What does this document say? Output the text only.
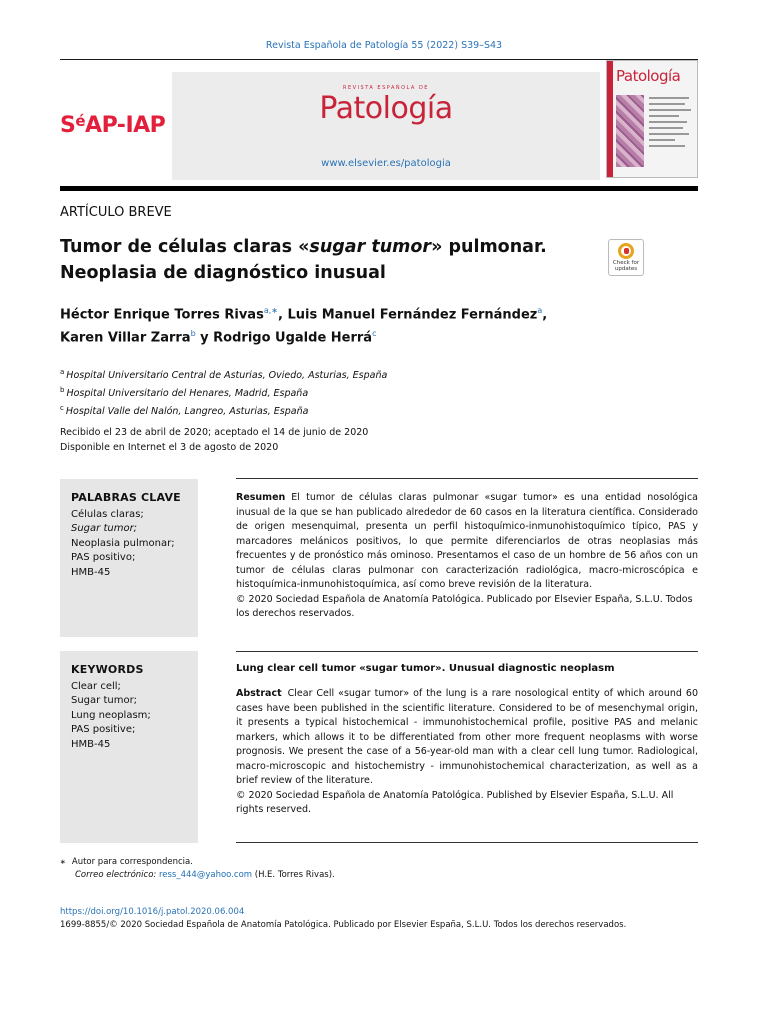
Revista Española de Patología 55 (2022) S39–S43
$S^éAP$-IAP
REVISTA ESPAÑOLA DE
Patología
www.elsevier.es/patologia
Patología
ARTÍCULO BREVE
Tumor de células claras «sugar tumor» pulmonar. Neoplasia de diagnóstico inusual	Check for updates
Héctor Enrique Torres Rivas$^{a,∗}$, Luis Manuel Fernández Fernández$^a$,
Karen Villar Zarra$^b$ y Rodrigo Ugalde Herrá$^c$
$^a$ Hospital Universitario Central de Asturias, Oviedo, Asturias, España
$^b$ Hospital Universitario del Henares, Madrid, España
$^c$ Hospital Valle del Nalón, Langreo, Asturias, España
Recibido el 23 de abril de 2020; aceptado el 14 de junio de 2020
Disponible en Internet el 3 de agosto de 2020
PALABRAS CLAVE
Células claras;
Sugar tumor;
Neoplasia pulmonar;
PAS positivo;
HMB-45
Resumen El tumor de células claras pulmonar «sugar tumor» es una entidad nosológica inusual de la que se han publicado alrededor de 60 casos en la literatura científica. Considerado de origen mesenquimal, presenta un perfil histoquímico-inmunohistoquímico típico, PAS y marcadores melánicos positivos, lo que permite diferenciarlos de otras neoplasias más frecuentes y de pronóstico más ominoso. Presentamos el caso de un hombre de 56 años con un tumor de células claras pulmonar con caracterización radiológica, macro-microscópica e histoquímica-inmunohistoquímica, así como breve revisión de la literatura.
© 2020 Sociedad Española de Anatomía Patológica. Publicado por Elsevier España, S.L.U. Todos los derechos reservados.
KEYWORDS
Clear cell;
Sugar tumor;
Lung neoplasm;
PAS positive;
HMB-45
Lung clear cell tumor «sugar tumor». Unusual diagnostic neoplasm
Abstract Clear Cell «sugar tumor» of the lung is a rare nosological entity of which around 60 cases have been published in the scientific literature. Considered to be of mesenchymal origin, it presents a typical histochemical - immunohistochemical profile, positive PAS and melanic markers, which allows it to be differentiated from other more frequent neoplasms with worse prognosis. We present the case of a 56-year-old man with a clear cell lung tumor. Radiological, macro-microscopic and histochemistry - immunohistochemical characterization, as well as a brief review of the literature.
© 2020 Sociedad Española de Anatomía Patológica. Published by Elsevier España, S.L.U. All rights reserved.
∗ Autor para correspondencia.
Correo electrónico: ress_444@yahoo.com (H.E. Torres Rivas).
https://doi.org/10.1016/j.patol.2020.06.004
1699-8855/© 2020 Sociedad Española de Anatomía Patológica. Publicado por Elsevier España, S.L.U. Todos los derechos reservados.
